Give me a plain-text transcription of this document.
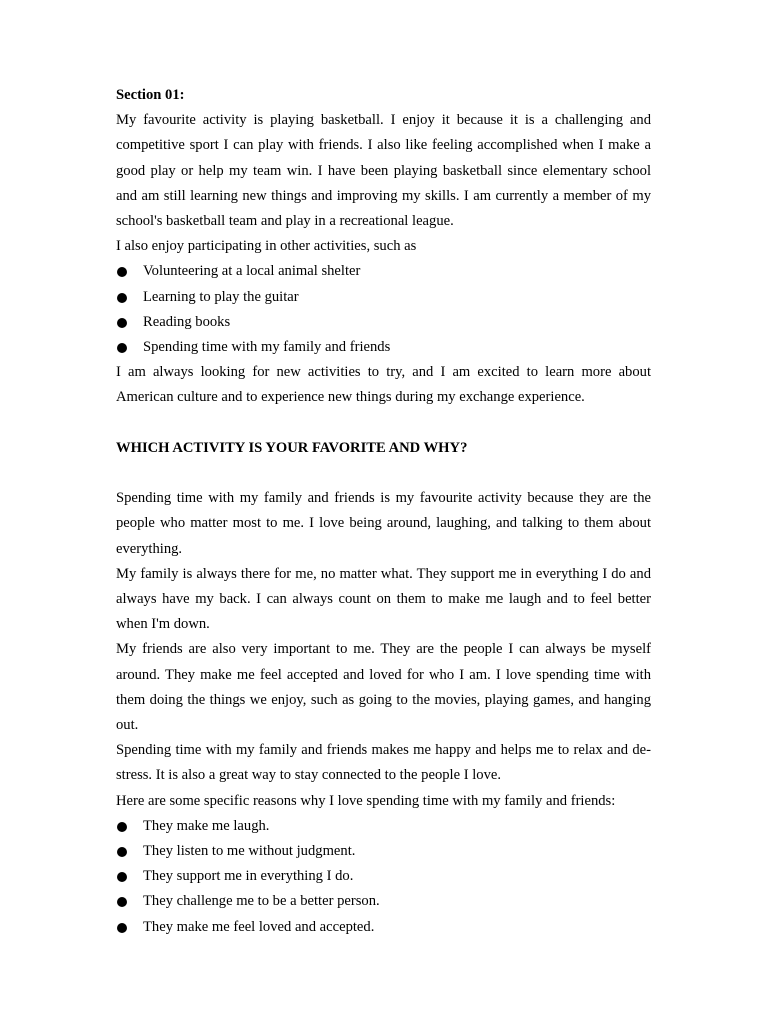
Section 01:

My favourite activity is playing basketball. I enjoy it because it is a challenging and competitive sport I can play with friends. I also like feeling accomplished when I make a good play or help my team win. I have been playing basketball since elementary school and am still learning new things and improving my skills. I am currently a member of my school's basketball team and play in a recreational league.

I also enjoy participating in other activities, such as

Volunteering at a local animal shelter
Learning to play the guitar
Reading books
Spending time with my family and friends

I am always looking for new activities to try, and I am excited to learn more about American culture and to experience new things during my exchange experience.

WHICH ACTIVITY IS YOUR FAVORITE AND WHY?

Spending time with my family and friends is my favourite activity because they are the people who matter most to me. I love being around, laughing, and talking to them about everything.

My family is always there for me, no matter what. They support me in everything I do and always have my back. I can always count on them to make me laugh and to feel better when I'm down.

My friends are also very important to me. They are the people I can always be myself around. They make me feel accepted and loved for who I am. I love spending time with them doing the things we enjoy, such as going to the movies, playing games, and hanging out.

Spending time with my family and friends makes me happy and helps me to relax and de-stress. It is also a great way to stay connected to the people I love.

Here are some specific reasons why I love spending time with my family and friends:

They make me laugh.
They listen to me without judgment.
They support me in everything I do.
They challenge me to be a better person.
They make me feel loved and accepted.
